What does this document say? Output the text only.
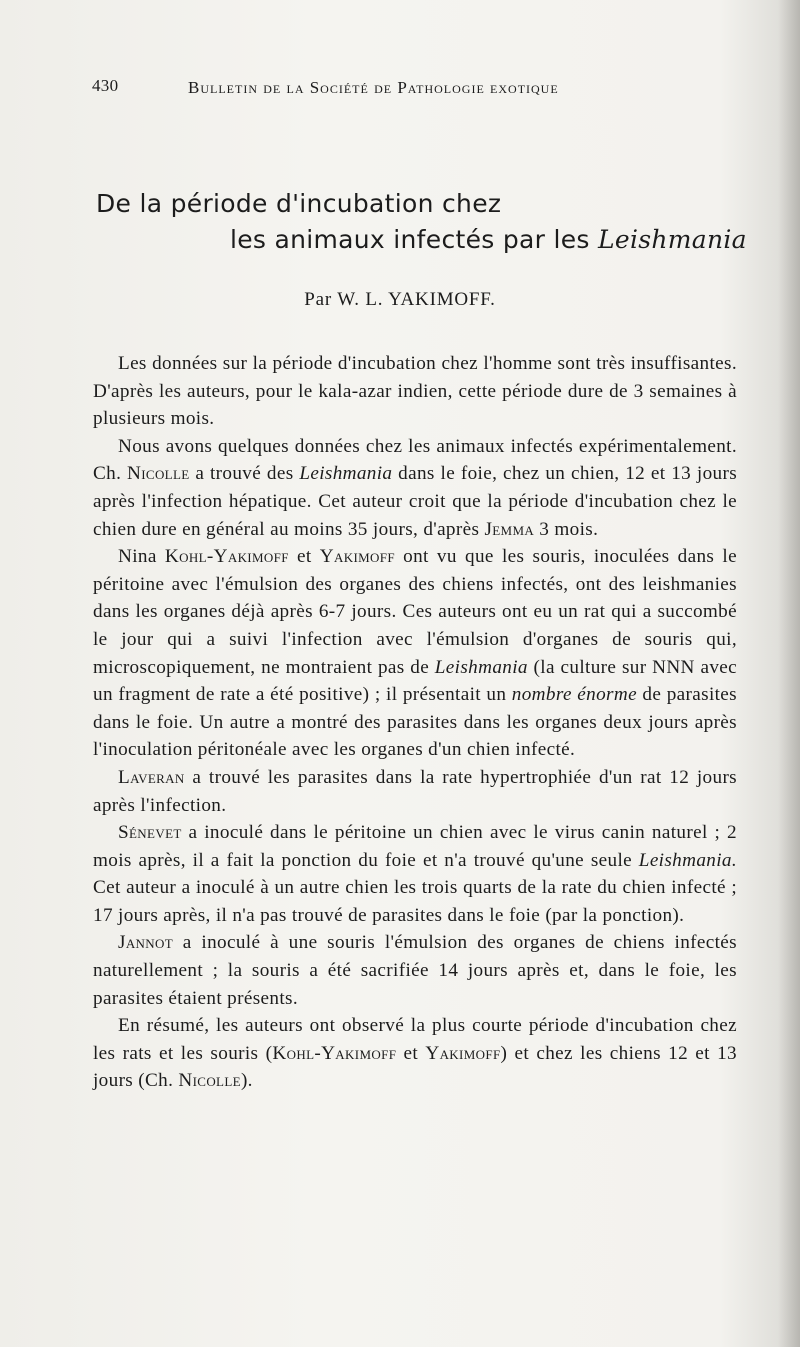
430	Bulletin de la Société de Pathologie exotique
De la période d'incubation chez
les animaux infectés par les Leishmania
Par W. L. YAKIMOFF.

Les données sur la période d'incubation chez l'homme sont très insuffisantes. D'après les auteurs, pour le kala-azar indien, cette période dure de 3 semaines à plusieurs mois.

Nous avons quelques données chez les animaux infectés expérimentalement. Ch. Nicolle a trouvé des Leishmania dans le foie, chez un chien, 12 et 13 jours après l'infection hépatique. Cet auteur croit que la période d'incubation chez le chien dure en général au moins 35 jours, d'après Jemma 3 mois.

Nina Kohl-Yakimoff et Yakimoff ont vu que les souris, inoculées dans le péritoine avec l'émulsion des organes des chiens infectés, ont des leishmanies dans les organes déjà après 6-7 jours. Ces auteurs ont eu un rat qui a succombé le jour qui a suivi l'infection avec l'émulsion d'organes de souris qui, microscopiquement, ne montraient pas de Leishmania (la culture sur NNN avec un fragment de rate a été positive) ; il présentait un nombre énorme de parasites dans le foie. Un autre a montré des parasites dans les organes deux jours après l'inoculation péritonéale avec les organes d'un chien infecté.

Laveran a trouvé les parasites dans la rate hypertrophiée d'un rat 12 jours après l'infection.

Sénevet a inoculé dans le péritoine un chien avec le virus canin naturel ; 2 mois après, il a fait la ponction du foie et n'a trouvé qu'une seule Leishmania. Cet auteur a inoculé à un autre chien les trois quarts de la rate du chien infecté ; 17 jours après, il n'a pas trouvé de parasites dans le foie (par la ponction).

Jannot a inoculé à une souris l'émulsion des organes de chiens infectés naturellement ; la souris a été sacrifiée 14 jours après et, dans le foie, les parasites étaient présents.

En résumé, les auteurs ont observé la plus courte période d'incubation chez les rats et les souris (Kohl-Yakimoff et Yakimoff) et chez les chiens 12 et 13 jours (Ch. Nicolle).
